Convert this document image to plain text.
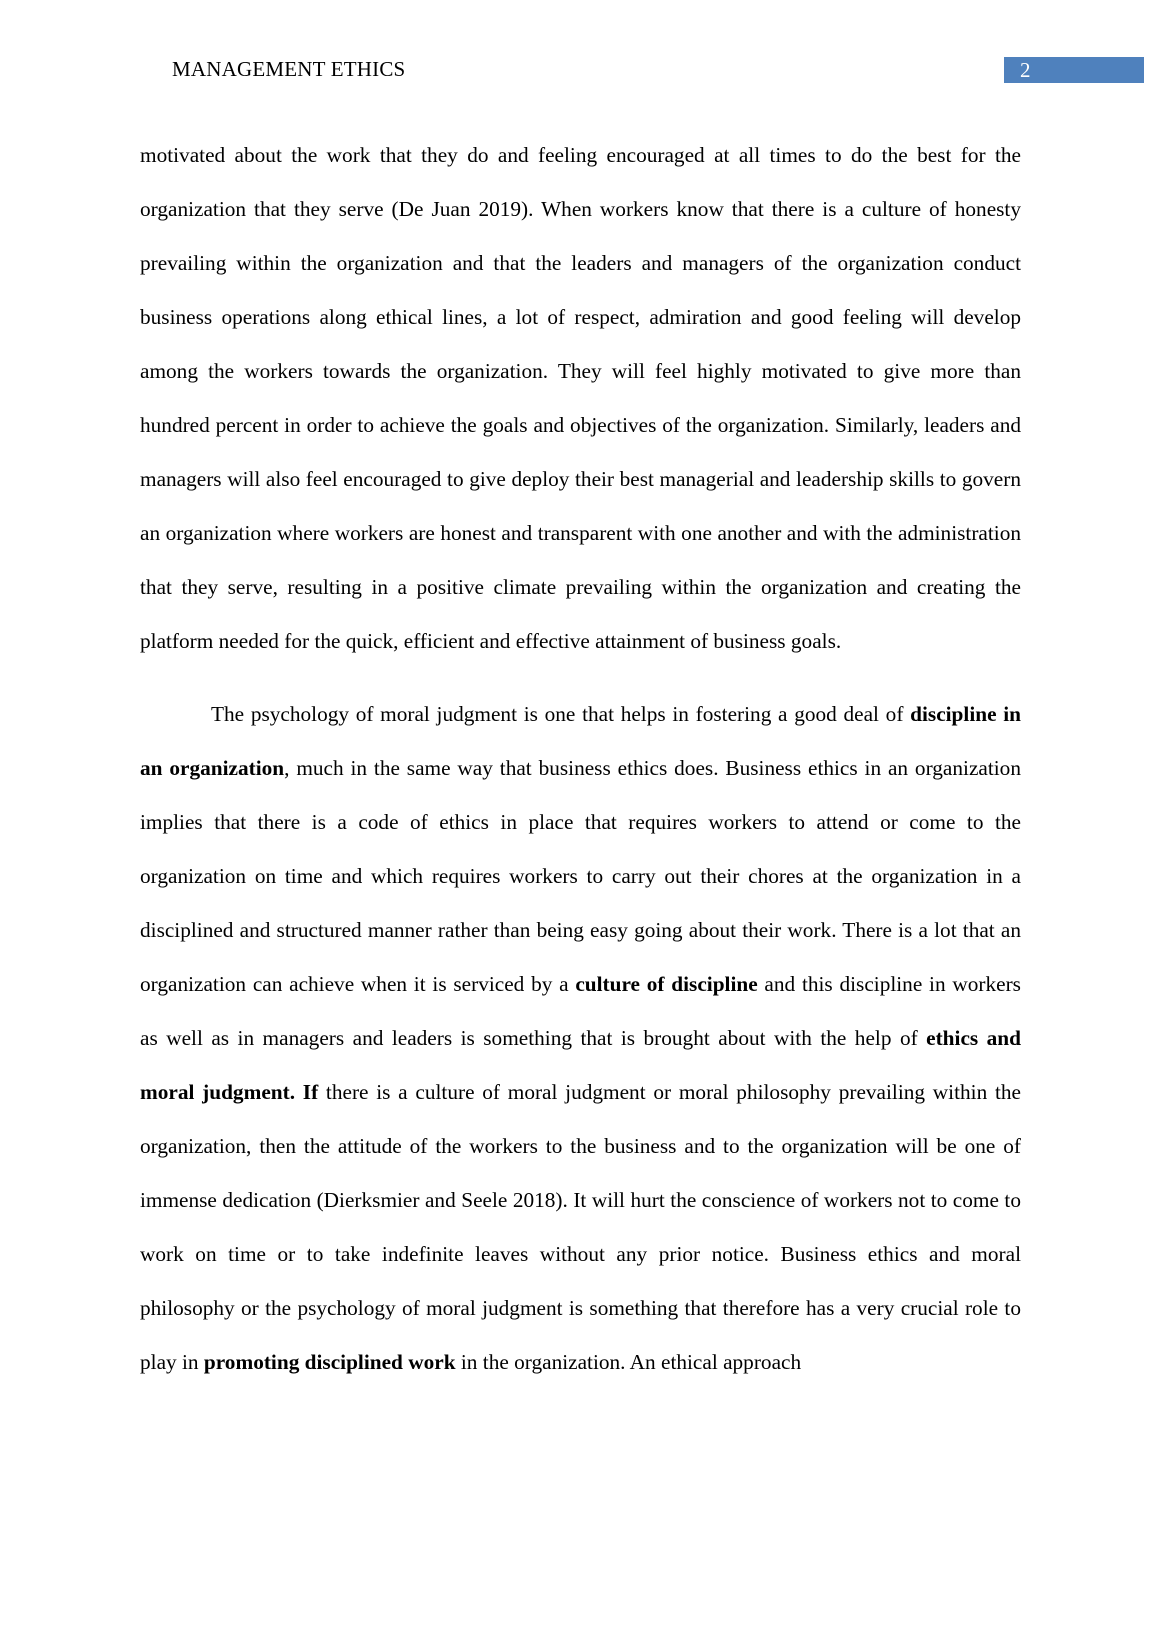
MANAGEMENT ETHICS	2

motivated about the work that they do and feeling encouraged at all times to do the best for the organization that they serve (De Juan 2019). When workers know that there is a culture of honesty prevailing within the organization and that the leaders and managers of the organization conduct business operations along ethical lines, a lot of respect, admiration and good feeling will develop among the workers towards the organization. They will feel highly motivated to give more than hundred percent in order to achieve the goals and objectives of the organization. Similarly, leaders and managers will also feel encouraged to give deploy their best managerial and leadership skills to govern an organization where workers are honest and transparent with one another and with the administration that they serve, resulting in a positive climate prevailing within the organization and creating the platform needed for the quick, efficient and effective attainment of business goals.

The psychology of moral judgment is one that helps in fostering a good deal of discipline in an organization, much in the same way that business ethics does. Business ethics in an organization implies that there is a code of ethics in place that requires workers to attend or come to the organization on time and which requires workers to carry out their chores at the organization in a disciplined and structured manner rather than being easy going about their work. There is a lot that an organization can achieve when it is serviced by a culture of discipline and this discipline in workers as well as in managers and leaders is something that is brought about with the help of ethics and moral judgment. If there is a culture of moral judgment or moral philosophy prevailing within the organization, then the attitude of the workers to the business and to the organization will be one of immense dedication (Dierksmier and Seele 2018). It will hurt the conscience of workers not to come to work on time or to take indefinite leaves without any prior notice. Business ethics and moral philosophy or the psychology of moral judgment is something that therefore has a very crucial role to play in promoting disciplined work in the organization. An ethical approach
